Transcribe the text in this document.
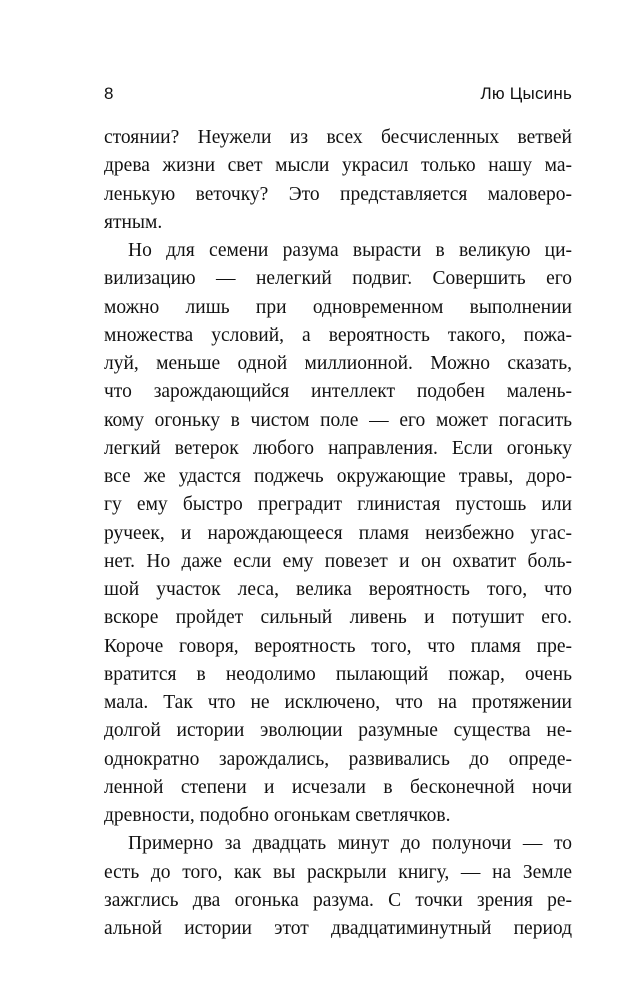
8	Лю Цысинь
стоянии? Неужели из всех бесчисленных ветвей
древа жизни свет мысли украсил только нашу ма-
ленькую веточку? Это представляется маловеро-
ятным.
Но для семени разума вырасти в великую ци-
вилизацию — нелегкий подвиг. Совершить его
можно лишь при одновременном выполнении
множества условий, а вероятность такого, пожа-
луй, меньше одной миллионной. Можно сказать,
что зарождающийся интеллект подобен малень-
кому огоньку в чистом поле — его может погасить
легкий ветерок любого направления. Если огоньку
все же удастся поджечь окружающие травы, доро-
гу ему быстро преградит глинистая пустошь или
ручеек, и нарождающееся пламя неизбежно угас-
нет. Но даже если ему повезет и он охватит боль-
шой участок леса, велика вероятность того, что
вскоре пройдет сильный ливень и потушит его.
Короче говоря, вероятность того, что пламя пре-
вратится в неодолимо пылающий пожар, очень
мала. Так что не исключено, что на протяжении
долгой истории эволюции разумные существа не-
однократно зарождались, развивались до опреде-
ленной степени и исчезали в бесконечной ночи
древности, подобно огонькам светлячков.
Примерно за двадцать минут до полуночи — то
есть до того, как вы раскрыли книгу, — на Земле
зажглись два огонька разума. С точки зрения ре-
альной истории этот двадцатиминутный период
